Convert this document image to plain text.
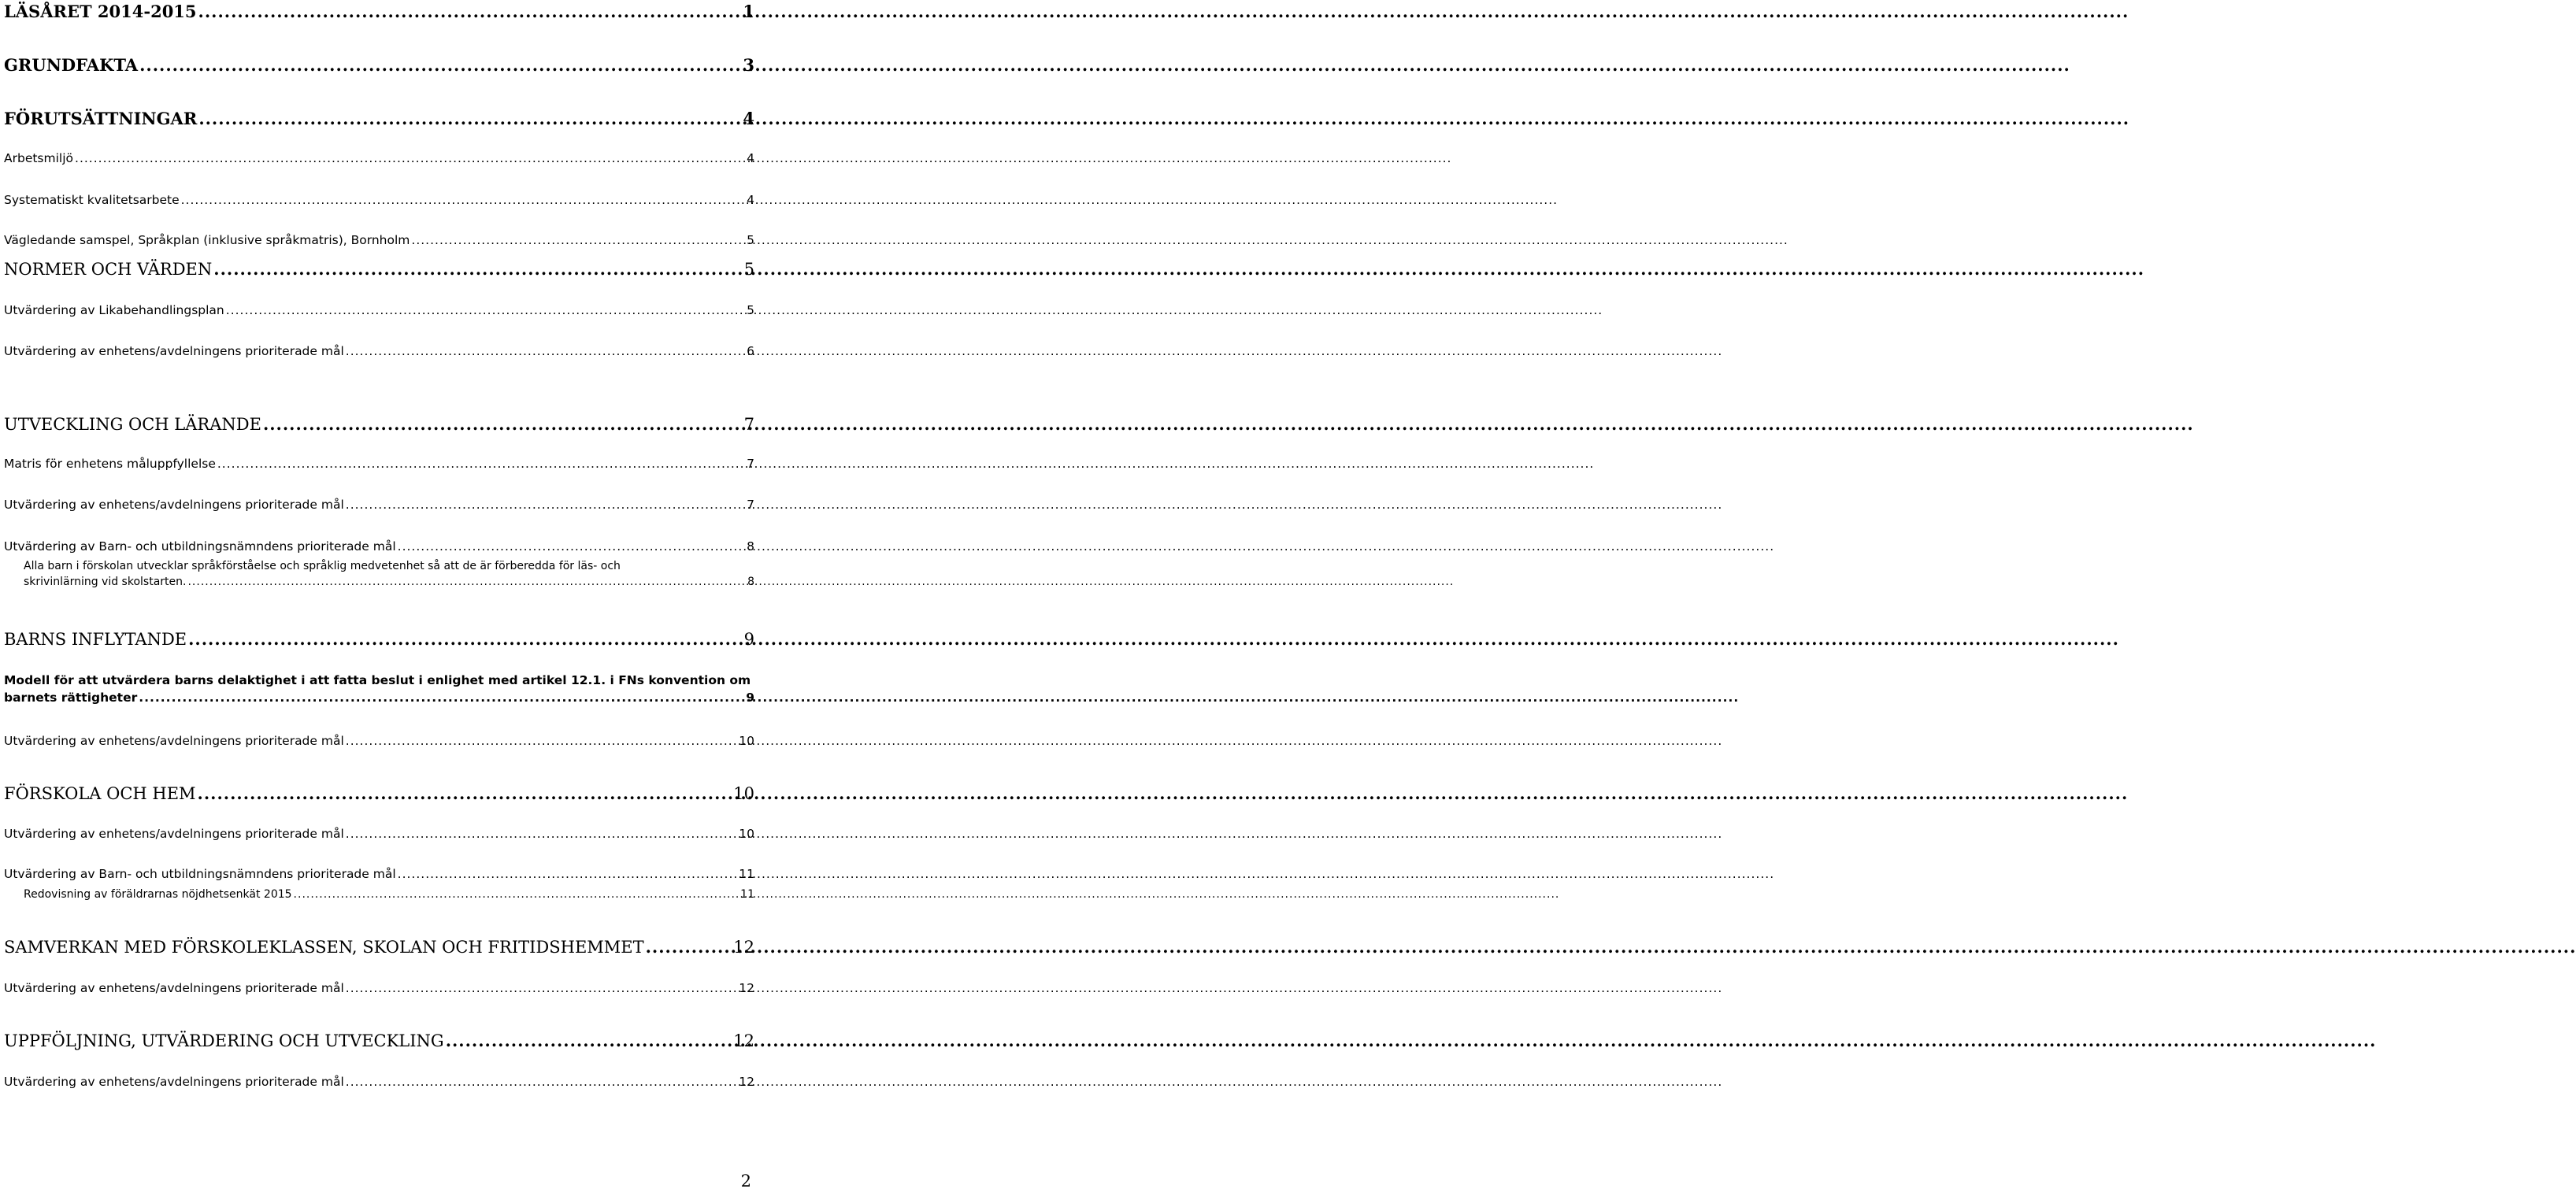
LÄSÅRET 2014-2015 .....	1
GRUNDFAKTA .....	3
FÖRUTSÄTTNINGAR .....	4
Arbetsmiljö .....	4
Systematiskt kvalitetsarbete .....	4
Vägledande samspel, Språkplan (inklusive språkmatris), Bornholm .....	5
NORMER OCH VÄRDEN .....	5
Utvärdering av Likabehandlingsplan .....	5
Utvärdering av enhetens/avdelningens prioriterade mål .....	6
UTVECKLING OCH LÄRANDE .....	7
Matris för enhetens måluppfyllelse .....	7
Utvärdering av enhetens/avdelningens prioriterade mål .....	7
Utvärdering av Barn- och utbildningsnämndens prioriterade mål .....	8
Alla barn i förskolan utvecklar språkförståelse och språklig medvetenhet så att de är förberedda för läs- och
skrivinlärning vid skolstarten. .....	8
BARNS INFLYTANDE .....	9
Modell för att utvärdera barns delaktighet i att fatta beslut i enlighet med artikel 12.1. i FNs konvention om
barnets rättigheter .....	9
Utvärdering av enhetens/avdelningens prioriterade mål .....	10
FÖRSKOLA OCH HEM .....	10
Utvärdering av enhetens/avdelningens prioriterade mål .....	10
Utvärdering av Barn- och utbildningsnämndens prioriterade mål .....	11
Redovisning av föräldrarnas nöjdhetsenkät 2015 .....	11
SAMVERKAN MED FÖRSKOLEKLASSEN, SKOLAN OCH FRITIDSHEMMET .....	12
Utvärdering av enhetens/avdelningens prioriterade mål .....	12
UPPFÖLJNING, UTVÄRDERING OCH UTVECKLING .....	12
Utvärdering av enhetens/avdelningens prioriterade mål .....	12
2
